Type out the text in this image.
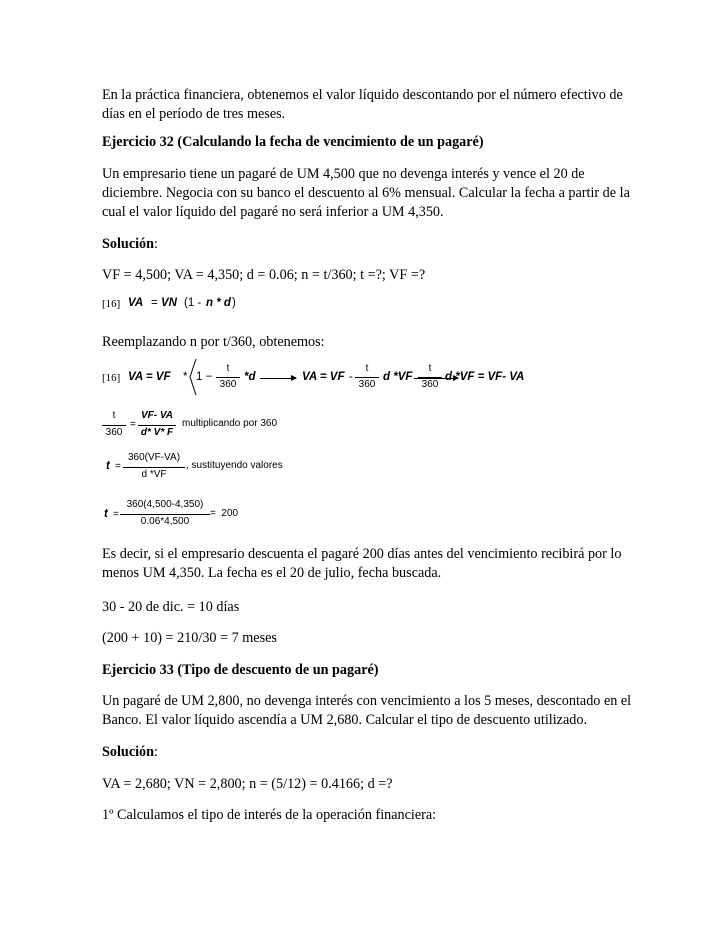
En la práctica financiera, obtenemos el valor líquido descontando por el número efectivo de días en el período de tres meses.
Ejercicio 32 (Calculando la fecha de vencimiento de un pagaré)
Un empresario tiene un pagaré de UM 4,500 que no devenga interés y vence el 20 de diciembre. Negocia con su banco el descuento al 6% mensual. Calcular la fecha a partir de la cual el valor líquido del pagaré no será inferior a UM 4,350.
Solución:
VF = 4,500; VA = 4,350; d = 0.06; n = t/360; t =?; VF =?
[16] VA = VN (1 - n * d )
Reemplazando n por t/360, obtenemos:
[16] VA = VF * 1 −
t
360
*d	VA = VF -
t
360
d *VF
t
360
d *VF = VF- VA
t
360
=
VF- VA
d* V* F
multiplicando por 360
t =
360(VF-VA)
d *VF
, sustituyendo valores
t =
360(4,500-4,350)
0.06*4,500
=  200
Es decir, si el empresario descuenta el pagaré 200 días antes del vencimiento recibirá por lo menos UM 4,350. La fecha es el 20 de julio, fecha buscada.
30 - 20 de dic. = 10 días
(200 + 10) = 210/30 = 7 meses
Ejercicio 33 (Tipo de descuento de un pagaré)
Un pagaré de UM 2,800, no devenga interés con vencimiento a los 5 meses, descontado en el Banco. El valor líquido ascendía a UM 2,680. Calcular el tipo de descuento utilizado.
Solución:
VA = 2,680; VN = 2,800; n = (5/12) = 0.4166; d =?
1º Calculamos el tipo de interés de la operación financiera:
